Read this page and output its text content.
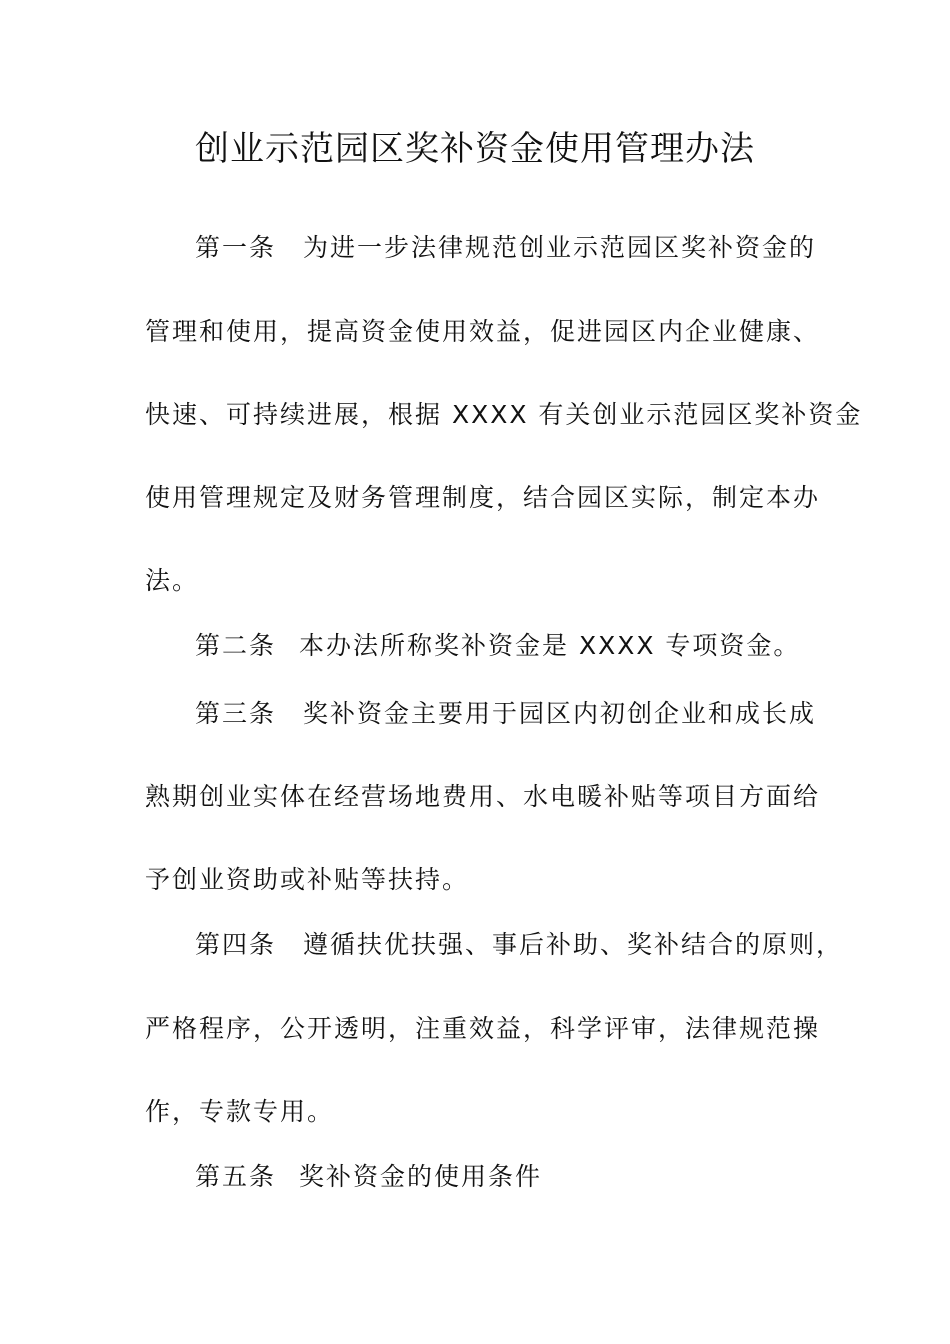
创业示范园区奖补资金使用管理办法
第一条 为进一步法律规范创业示范园区奖补资金的
管理和使用，提高资金使用效益，促进园区内企业健康、
快速、可持续进展，根据 XXXX 有关创业示范园区奖补资金
使用管理规定及财务管理制度，结合园区实际，制定本办
法。
第二条 本办法所称奖补资金是 XXXX 专项资金。
第三条 奖补资金主要用于园区内初创企业和成长成
熟期创业实体在经营场地费用、水电暖补贴等项目方面给
予创业资助或补贴等扶持。
第四条 遵循扶优扶强、事后补助、奖补结合的原则，
严格程序，公开透明，注重效益，科学评审，法律规范操
作，专款专用。
第五条 奖补资金的使用条件
